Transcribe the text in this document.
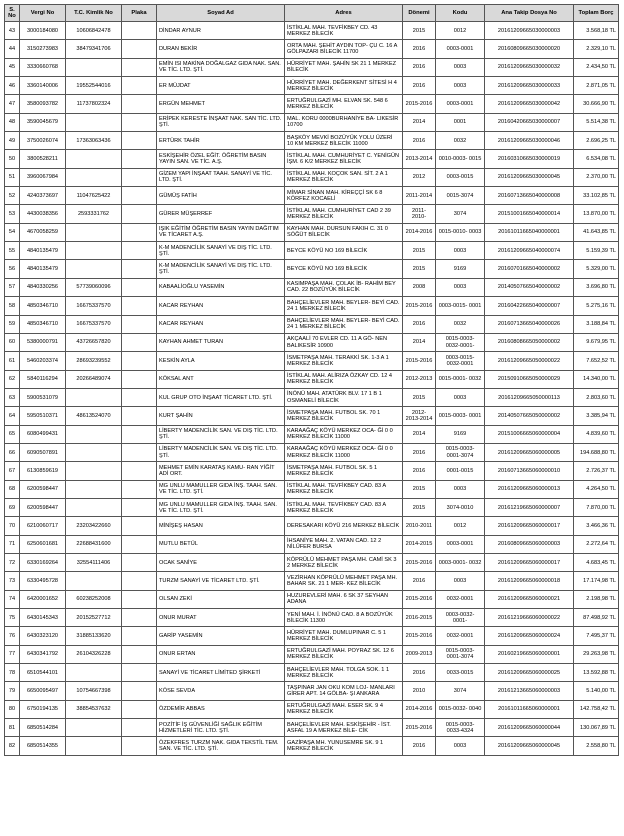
S. No	Vergi No	T.C. Kimlik No	Plaka	Soyad Ad	Adres	Dönemi	Kodu	Ana Takip Dosya No	Toplam Borç
43	3000184080	10606842478		DİNDAR AYNUR	İSTİKLAL MAH. TEVFİKBEY CD. 43 MERKEZ BİLECİK	2015	0012	20161209665030000003	3.568,18 TL
44	3150273983	38479341706		DURAN BEKİR	ORTA MAH. ŞEHİT AYDIN TOP- ÇU C. 16 A GÖLPAZARI BİLECİK 11700	2016	0003-0001	20160809665030000020	2.329,10 TL
45	3330660768			EMİN ISI MAKİNA DOĞALGAZ GIDA NAK. SAN. VE TİC. LTD. ŞTİ.	HÜRRİYET MAH. ŞAHİN SK 21 1 MERKEZ BİLECİK	2016	0003	20161209665030000032	2.434,50 TL
46	3360140006	19552544016		ER MÜJDAT	HÜRRİYET MAH. DEĞERKENT SİTESİ H 4 MERKEZ BİLECİK	2016	0003	20161209665030000033	2.871,05 TL
47	3580093782	11737802324		ERGÜN MEHMET	ERTUĞRULGAZİ MH. ELVAN SK. 548 6 MERKEZ BİLECİK	2015-2016	0003-0001	20161209665030000042	30.666,90 TL
48	3590045679			ERİPEK KERESTE İNŞAAT NAK. SAN TİC. LTD. ŞTİ.	MAL. KORU 0000BURHANİYE BA- LIKESİR 10700	2014	0001	20160420665030000007	5.514,38 TL
49	3750026074	17363063436		ERTÜRK TAHİR	BAŞKÖY MEVKİ BOZÜYÜK YOLU ÜZERİ 10 KM MERKEZ BİLECİK 11000	2016	0032	20161209665030000046	2.696,25 TL
50	3800528211			ESKİŞEHİR ÖZEL EĞİT. ÖĞRETİM BASIN YAYIN SAN. VE TİC. A.Ş.	İSTİKLAL MAH. CUMHURİYET C. YENİGÜN İŞM. 6 K/2 MERKEZ BİLECİK	2013-2014	0010-0003- 0015	20160310665030000019	6.534,08 TL
51	3960067984			GİZEM YAPI İNŞAAT TAAH. SANAYİ VE TİC. LTD. ŞTİ.	İSTİKLAL MAH. KOÇOK SAN. SİT. 2 A 1 MERKEZ BİLECİK	2012	0003-0015	20161209665030000045	2.370,00 TL
52	4240373697	11047625422		GÜMÜŞ FATİH	MİMAR SİNAN MAH. KİREÇÇİ SK 6 8 KÖRFEZ KOCAELİ	2011-2014	0015-3074	20160713665040000008	33.102,85 TL
53	4430038356	2593331762		GÜRER MÜŞERREF	İSTİKLAL MAH. CUMHURİYET CAD 2 39 MERKEZ BİLECİK	2011- 2010-	3074	20151001665040000014	13.870,00 TL
54	4670058259			IŞIK EĞİTİM ÖĞRETİM BASIN YAYIN DAĞITIM VE TİCARET A.Ş.	KAYHAN MAH. DURSUN FAKIH C. 31 0 SÖĞÜT BİLECİK	2014-2016	0015-0010- 0003	20161011665040000001	41.643,85 TL
55	4840135479			K-M MADENCİLİK SANAYİ VE DIŞ TİC. LTD. ŞTİ.	BEYCE KÖYÜ NO 169 BİLECİK	2015	0003	20161209665040000074	5.159,39 TL
56	4840135479			K-M MADENCİLİK SANAYİ VE DIŞ TİC. LTD. ŞTİ.	BEYCE KÖYÜ NO 169 BİLECİK	2015	9169	20160701665040000002	5.329,00 TL
57	4840330256	57739060096		KABAALİOĞLU YASEMİN	KASIMPAŞA MAH. ÇOLAK İB- RAHİM BEY CAD. 22 BOZÜYÜK BİLECİK	2008	0003	20140507665040000002	3.696,80 TL
58	4850346710	16675337570		KACAR REYHAN	BAHÇELİEVLER MAH. BEYLER- BEYİ CAD. 24 1 MERKEZ BİLECİK	2015-2016	0003-0015- 0001	20160422665040000007	5.275,16 TL
59	4850346710	16675337570		KACAR REYHAN	BAHÇELİEVLER MAH. BEYLER- BEYİ CAD. 24 1 MERKEZ BİLECİK	2016	0032	20160713665040000026	3.188,84 TL
60	5380000791	43726657820		KAYHAN AHMET TURAN	AKÇAALİ 70 EVLER CD. 11 A GÖ- NEN BALIKESİR 10900	2014	0015-0003- 0032-0001-	20160808665050000002	9.679,95 TL
61	5460203374	28693239552		KESKİN AYLA	İSMETPAŞA MAH. TERAKKİ SK. 1-3 A 1 MERKEZ BİLECİK	2015-2016	0003-0015- 0032-0001	20161209665050000022	7.652,52 TL
62	5840116294	20266489074		KÖKSAL ANT	İSTİKLAL MAH. ALİRIZA ÖZKAY CD. 12 4 MERKEZ BİLECİK	2012-2013	0015-0001- 0032	20150910665050000029	14.340,00 TL
63	5900531079			KUL GRUP OTO İNŞAAT TİCARET LTD. ŞTİ.	İNÖNÜ MAH. ATATÜRK BLV. 17 1 B 1 OSMANELİ BİLECİK	2015	0003	20161209665050000113	2.803,60 TL
64	5950510371	48613524070		KURT ŞAHİN	İSMETPAŞA MAH. FUTBOL SK. 70 1 MERKEZ BİLECİK	2012- 2013-2014	0015-0003- 0001	20140507665050000002	3.385,94 TL
65	6080499431			LİBERTY MADENCİLİK SAN. VE DIŞ TİC. LTD. ŞTİ.	KARAAĞAÇ KÖYÜ MERKEZ OCA- Ğİ 0 0 MERKEZ BİLECİK 11000	2014	9169	20151006665060000004	4.839,60 TL
66	6090507891			LİBERTY MADENCİLİK SAN. VE DIŞ TİC. LTD. ŞTİ.	KARAAĞAÇ KÖYÜ MERKEZ OCA- Ğİ 0 0 MERKEZ BİLECİK 11000	2016	0015-0003- 0001-3074	20161209665060000005	194.688,80 TL
67	6130859619			MEHMET EMİN KARATAŞ KAMU- RAN YİĞİT ADİ ORT.	İSMETPAŞA MAH. FUTBOL SK. 5 1 MERKEZ BİLECİK	2016	0001-0015	20160713665060000010	2.726,37 TL
68	6200598447			MG UNLU MAMULLER GIDA İNŞ. TAAH. SAN. VE TİC. LTD. ŞTİ.	İSTİKLAL MAH. TEVFİKBEY CAD. 83 A MERKEZ BİLECİK	2015	0003	20161209665060000013	4.264,50 TL
69	6200598447			MG UNLU MAMULLER GIDA İNŞ. TAAH. SAN. VE TİC. LTD. ŞTİ.	İSTİKLAL MAH. TEVFİKBEY CAD. 83 A MERKEZ BİLECİK	2015	3074-0010	20161219665060000007	7.870,00 TL
70	6210060717	23203422660		MİNİŞEŞ HASAN	DERESAKARI KÖYÜ 216 MERKEZ BİLECİK	2010-2011	0012	20161209665060000017	3.466,36 TL
71	6250601681	22688431600		MUTLU BETÜL	İHSANİYE MAH. 2. VATAN CAD. 12 2 NİLÜFER BURSA	2014-2015	0003-0001	20160809665060000003	2.272,64 TL
72	6330169264	32554111406		OCAK SANİYE	KÖPRÜLÜ MEHMET PAŞA MH. CAMİ SK 3 2 MERKEZ BİLECİK	2015-2016	0003-0001- 0032	20161209665060000017	4.683,45 TL
73	6330495728			TURZM SANAYİ VE TİCARET LTD. ŞTİ.	VEZİRHAN KÖPRÜLÜ MEHMET PAŞA MH. BAHAR SK. 21 1 MER- KEZ BİLECİK	2016	0003	20161209665060000018	17.174,98 TL
74	6420001652	60238252008		OLSAN ZEKİ	HUZUREVLERİ MAH. 6 SK 37 SEYHAN ADANA	2015-2016	0032-0001	20161209665060000021	2.198,98 TL
75	6430145343	20152527712		ONUR MURAT	YENİ MAH. İ. İNÖNÜ CAD. 8 A BOZÜYÜK BİLECİK 11300	2016-2015	0003-0032- 0001-	20161219666060000022	87.498,92 TL
76	6430323120	31885133620		GARİP YASEMİN	HÜRRİYET MAH. DUMLUPINAR C. 5 1 MERKEZ BİLECİK	2015-2016	0032-0001	20161209665060000024	7.495,37 TL
77	6430341792	26104326228		ONUR ERTAN	ERTUĞRULGAZİ MAH. POYRAZ SK. 12 6 MERKEZ BİLECİK	2009-2013	0015-0003- 0001-3074	20160219665060000001	29.263,98 TL
78	6510544101			SANAYİ VE TİCARET LİMİTED ŞİRKETİ	BAHÇELİEVLER MAH. TOLGA SOK. 1 1 MERKEZ BİLECİK	2016	0033-0015	20161209665060000025	13.592,88 TL
79	6650095497	10754667398		KÖSE SEVDA	TAŞPINAR JAN OKU KOM LOJ- MANLARI GİRER APT. 14 GÖLBA- ŞI ANKARA	2010	3074	20161213665060000003	5.140,00 TL
80	6750194135	38854537632		ÖZDEMİR ABBAS	ERTUĞRULGAZİ MAH. ESER SK. 9 4 MERKEZ BİLECİK	2014-2016	0015-0032- 0040	20161011665060000001	142.758,42 TL
81	6850514284			POZİTİF İŞ GÜVENLİĞİ SAĞLIK EĞİTİM HİZMETLERİ TİC. LTD. ŞTİ.	BAHÇELİEVLER MAH. ESKİŞEHİR - İST. ASFAL 19 A MERKEZ BİLE- CİK	2015-2016	0015-0003- 0033-4324	20161209665060000044	130.067,89 TL
82	6850514355			ÖZEKFRES TURZM NAK. GIDA TEKSTİL TEM. SAN. VE TİC. LTD. ŞTİ.	GAZİPAŞA MH. YUNUSEMRE SK. 9 1 MERKEZ BİLECİK	2016	0003	20161209665060000045	2.558,80 TL
